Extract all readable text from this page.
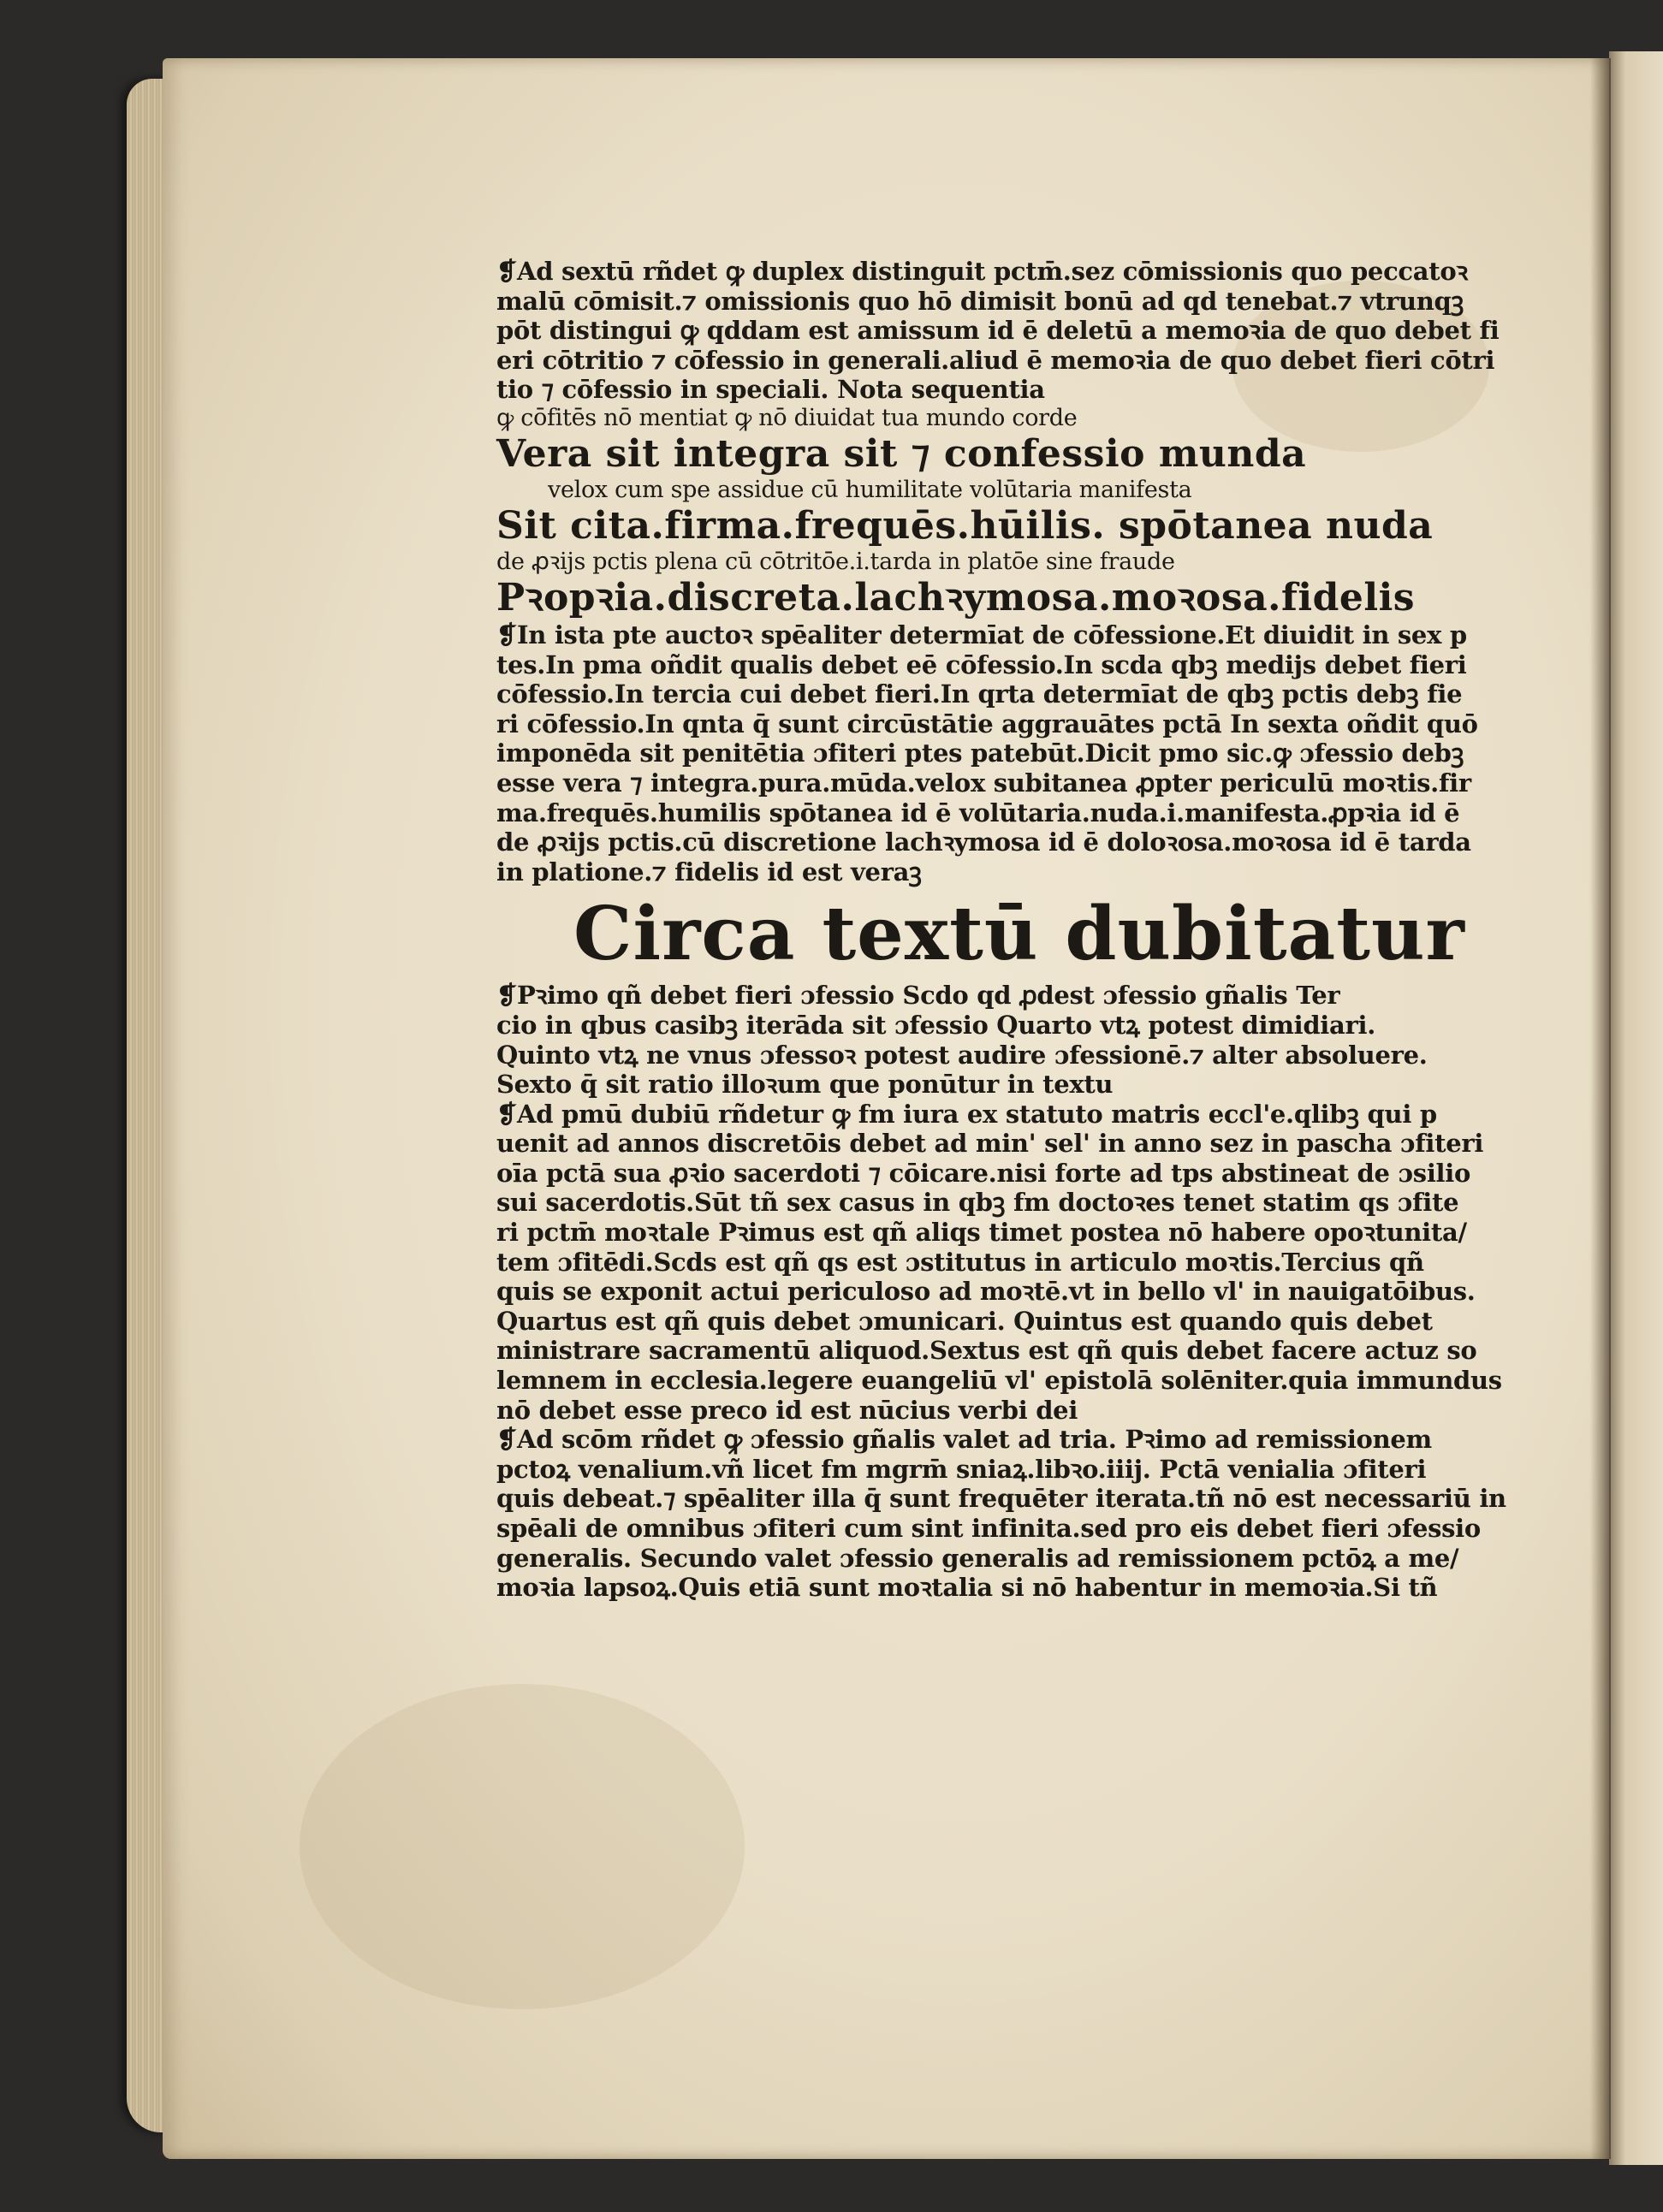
❡Ad sextū rñdet ꝙ duplex distinguit pctm̄.sez cōmissionis quo peccatoꝛ
malū cōmisit.⁊ omissionis quo hō dimisit bonū ad qd tenebat.⁊ vtrunqꝫ
pōt distingui ꝙ qddam est amissum id ē deletū a memoꝛia de quo debet fi
eri cōtritio ⁊ cōfessio in generali.aliud ē memoꝛia de quo debet fieri cōtri
tio ⁊ cōfessio in speciali. Nota sequentia
ꝙ cōfitēs nō mentiat ꝙ nō diuidat tua mundo corde
Vera sit integra sit ⁊ confessio munda
velox cum spe assidue cū humilitate volūtaria manifesta
Sit cita.firma.frequēs.hūilis. spōtanea nuda
de ꝓꝛijs pctis plena cū cōtritōe.i.tarda in platōe sine fraude
Pꝛopꝛia.discreta.lachꝛymosa.moꝛosa.fidelis
❡In ista pte auctoꝛ spēaliter determīat de cōfessione.Et diuidit in sex p
tes.In pma oñdit qualis debet eē cōfessio.In scda qbꝫ medijs debet fieri
cōfessio.In tercia cui debet fieri.In qrta determīat de qbꝫ pctis debꝫ fie
ri cōfessio.In qnta q̄ sunt circūstātie aggrauātes pctā In sexta oñdit quō
imponēda sit penitētia ɔfiteri ptes patebūt.Dicit pmo sic.ꝙ ɔfessio debꝫ
esse vera ⁊ integra.pura.mūda.velox subitanea ꝓpter periculū moꝛtis.fir
ma.frequēs.humilis spōtanea id ē volūtaria.nuda.i.manifesta.ꝓpꝛia id ē
de ꝓꝛijs pctis.cū discretione lachꝛymosa id ē doloꝛosa.moꝛosa id ē tarda
in platione.⁊ fidelis id est veraꝫ
Circa textū dubitatur
❡Pꝛimo qñ debet fieri ɔfessio Scdo qd ꝓdest ɔfessio gñalis Ter
cio in qbus casibꝫ iterāda sit ɔfessio Quarto vtꝝ potest dimidiari.
Quinto vtꝝ ne vnus ɔfessoꝛ potest audire ɔfessionē.⁊ alter absoluere.
Sexto q̄ sit ratio illoꝛum que ponūtur in textu
❡Ad pmū dubiū rñdetur ꝙ fm iura ex statuto matris eccl'e.qlibꝫ qui p
uenit ad annos discretōis debet ad min' sel' in anno sez in pascha ɔfiteri
oīa pctā sua ꝓꝛio sacerdoti ⁊ cōicare.nisi forte ad tps abstineat de ɔsilio
sui sacerdotis.Sūt tñ sex casus in qbꝫ fm doctoꝛes tenet statim qs ɔfite
ri pctm̄ moꝛtale Pꝛimus est qñ aliqs timet postea nō habere opoꝛtunita/
tem ɔfitēdi.Scds est qñ qs est ɔstitutus in articulo moꝛtis.Tercius qñ
quis se exponit actui periculoso ad moꝛtē.vt in bello vl' in nauigatōibus.
Quartus est qñ quis debet ɔmunicari. Quintus est quando quis debet
ministrare sacramentū aliquod.Sextus est qñ quis debet facere actuz so
lemnem in ecclesia.legere euangeliū vl' epistolā solēniter.quia immundus
nō debet esse preco id est nūcius verbi dei
❡Ad scōm rñdet ꝙ ɔfessio gñalis valet ad tria. Pꝛimo ad remissionem
pctoꝝ venalium.vñ licet fm mgrm̄ sniaꝝ.libꝛo.iiij. Pctā venialia ɔfiteri
quis debeat.⁊ spēaliter illa q̄ sunt frequēter iterata.tñ nō est necessariū in
spēali de omnibus ɔfiteri cum sint infinita.sed pro eis debet fieri ɔfessio
generalis. Secundo valet ɔfessio generalis ad remissionem pctōꝝ a me/
moꝛia lapsoꝝ.Quis etiā sunt moꝛtalia si nō habentur in memoꝛia.Si tñ
